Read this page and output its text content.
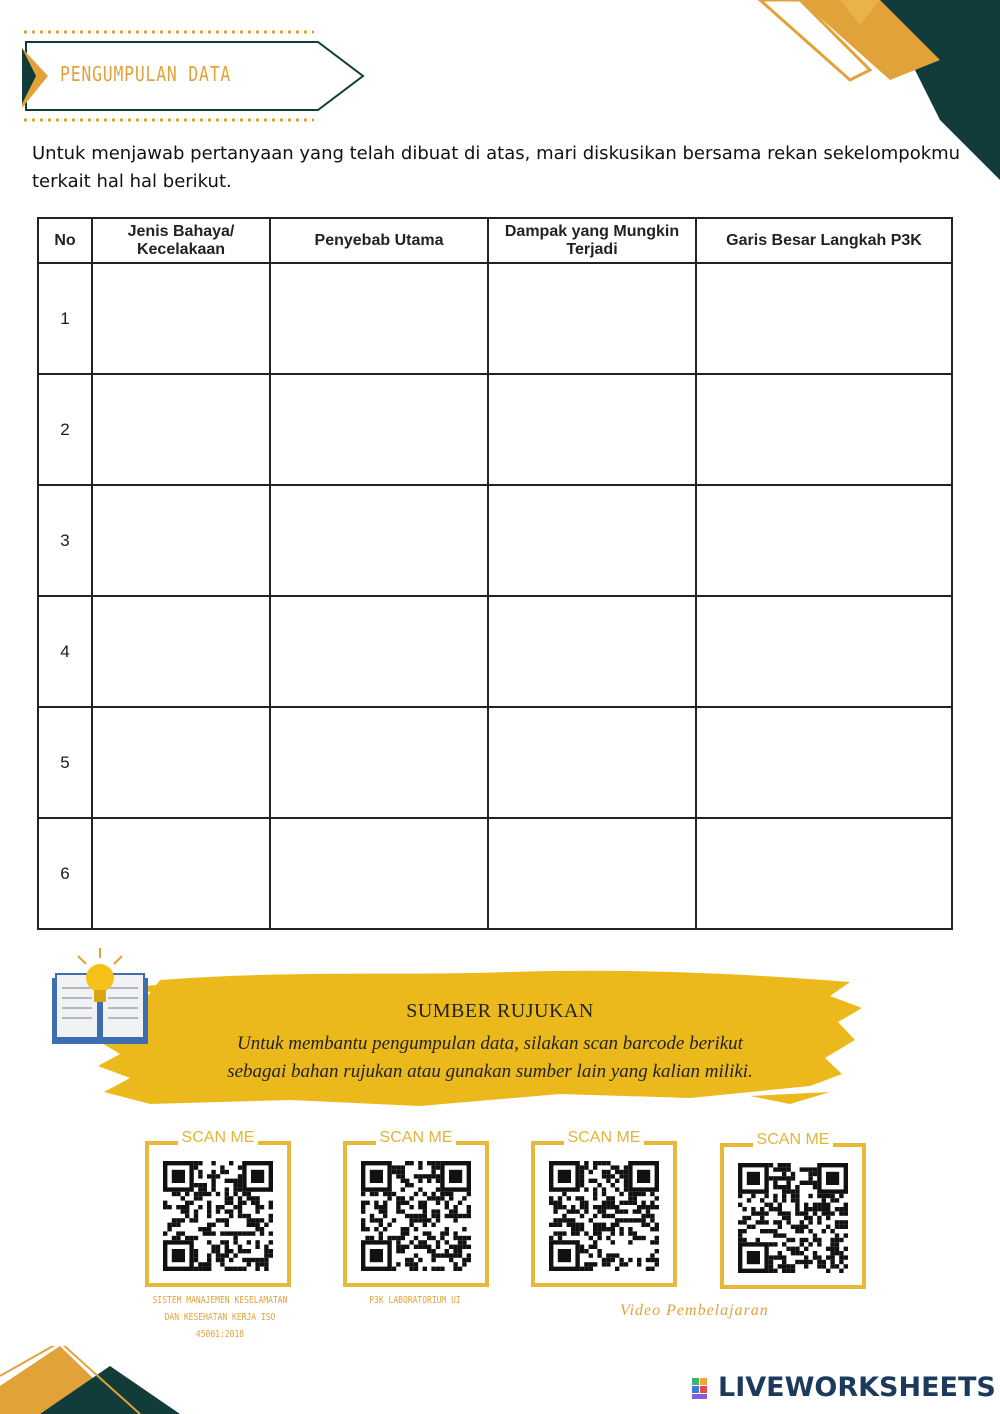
PENGUMPULAN DATA
Untuk menjawab pertanyaan yang telah dibuat di atas, mari diskusikan bersama rekan sekelompokmu terkait hal hal berikut.
No	Jenis Bahaya/ Kecelakaan	Penyebab Utama	Dampak yang Mungkin Terjadi	Garis Besar Langkah P3K
1				
2				
3				
4				
5				
6				
SUMBER RUJUKAN
Untuk membantu pengumpulan data, silakan scan barcode berikut
sebagai bahan rujukan atau gunakan sumber lain yang kalian miliki.
SCAN ME	SCAN ME	SCAN ME	SCAN ME
SISTEM MANAJEMEN KESELAMATAN
DAN KESEHATAN KERJA ISO
45001:2018
P3K LABORATORIUM UI
Video Pembelajaran
LIVEWORKSHEETS
